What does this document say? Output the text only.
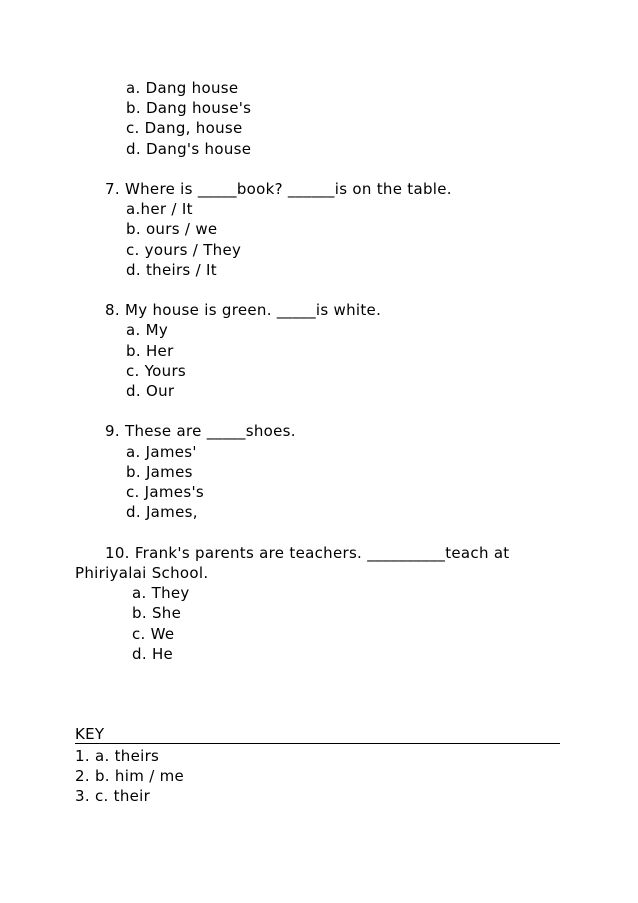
a. Dang house
b. Dang house's
c. Dang, house
d. Dang's house
7. Where is _____book? ______is on the table.
a.her / It
b. ours / we
c. yours / They
d. theirs / It
8. My house is green. _____is white.
a. My
b. Her
c. Yours
d. Our
9. These are _____shoes.
a. James'
b. James
c. James's
d. James,
10. Frank's parents are teachers. __________teach at
Phiriyalai School.
a. They
b. She
c. We
d. He
KEY
1. a. theirs
2. b. him / me
3. c. their
